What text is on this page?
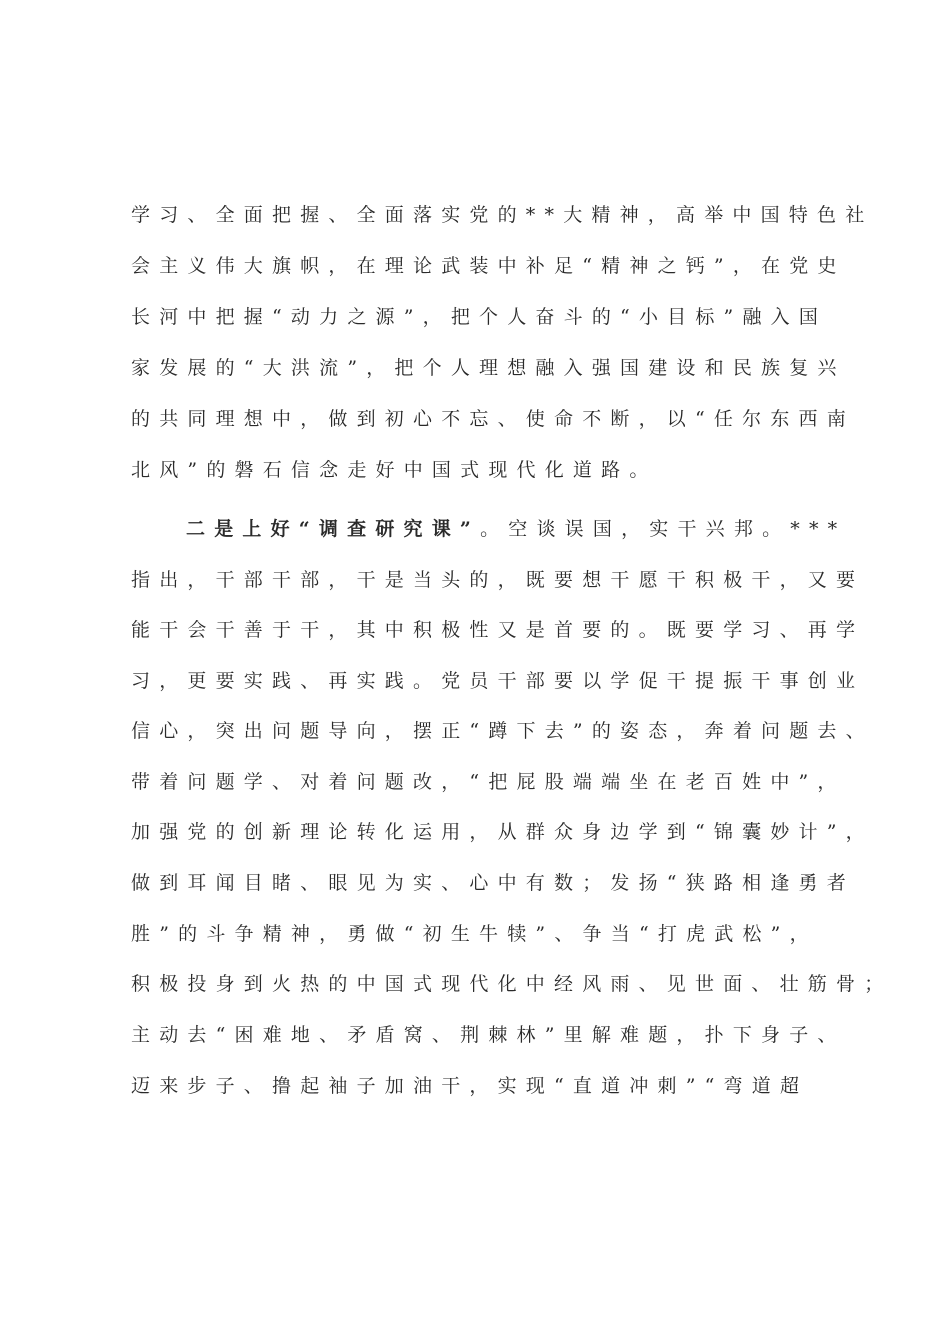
学习、全面把握、全面落实党的**大精神，高举中国特色社
会主义伟大旗帜，在理论武装中补足“精神之钙”，在党史
长河中把握“动力之源”，把个人奋斗的“小目标”融入国
家发展的“大洪流”，把个人理想融入强国建设和民族复兴
的共同理想中，做到初心不忘、使命不断，以“任尔东西南
北风”的磐石信念走好中国式现代化道路。
二是上好“调查研究课”。空谈误国，实干兴邦。***
指出，干部干部，干是当头的，既要想干愿干积极干，又要
能干会干善于干，其中积极性又是首要的。既要学习、再学
习，更要实践、再实践。党员干部要以学促干提振干事创业
信心，突出问题导向，摆正“蹲下去”的姿态，奔着问题去、
带着问题学、对着问题改，“把屁股端端坐在老百姓中”，
加强党的创新理论转化运用，从群众身边学到“锦囊妙计”，
做到耳闻目睹、眼见为实、心中有数；发扬“狭路相逢勇者
胜”的斗争精神，勇做“初生牛犊”、争当“打虎武松”，
积极投身到火热的中国式现代化中经风雨、见世面、壮筋骨；
主动去“困难地、矛盾窝、荆棘林”里解难题，扑下身子、
迈来步子、撸起袖子加油干，实现“直道冲刺”“弯道超
